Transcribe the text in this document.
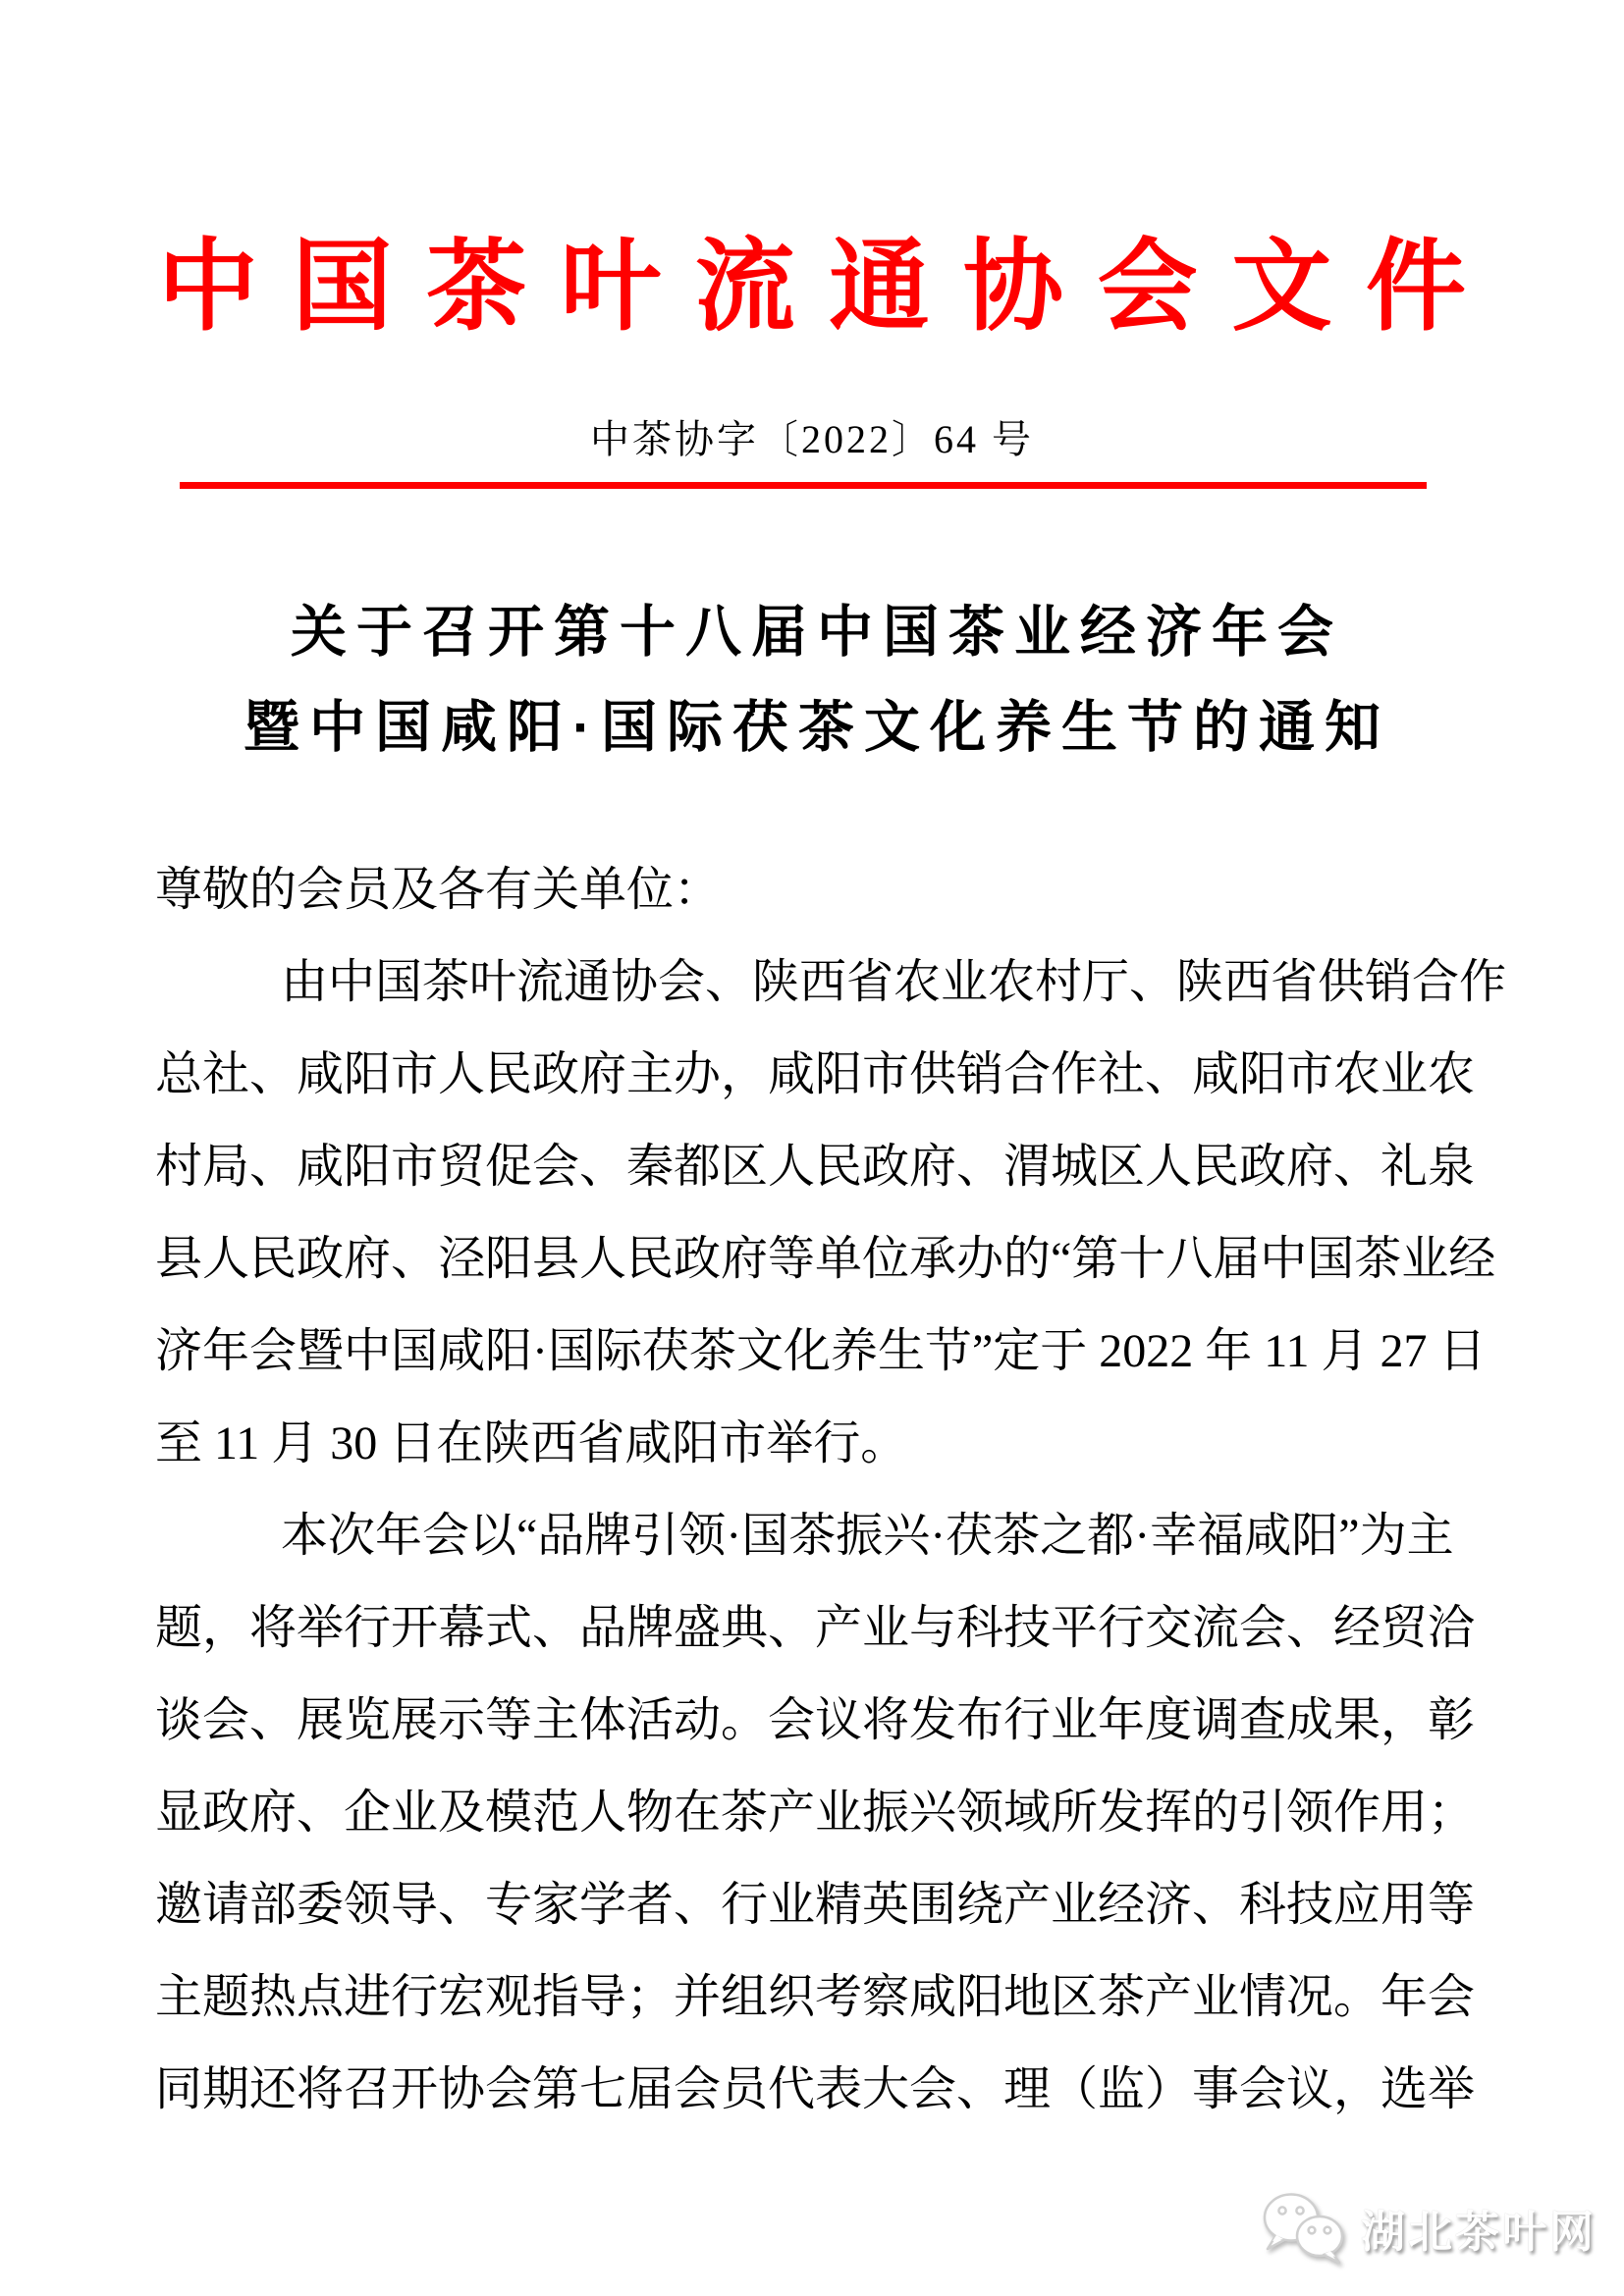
中国茶叶流通协会文件
中茶协字〔2022〕64 号
关于召开第十八届中国茶业经济年会
暨中国咸阳·国际茯茶文化养生节的通知
尊敬的会员及各有关单位：
由中国茶叶流通协会、陕西省农业农村厅、陕西省供销合作
总社、咸阳市人民政府主办，咸阳市供销合作社、咸阳市农业农
村局、咸阳市贸促会、秦都区人民政府、渭城区人民政府、礼泉
县人民政府、泾阳县人民政府等单位承办的“第十八届中国茶业经
济年会暨中国咸阳·国际茯茶文化养生节”定于 2022 年 11 月 27 日
至 11 月 30 日在陕西省咸阳市举行。
本次年会以“品牌引领·国茶振兴·茯茶之都·幸福咸阳”为主
题，将举行开幕式、品牌盛典、产业与科技平行交流会、经贸洽
谈会、展览展示等主体活动。会议将发布行业年度调查成果，彰
显政府、企业及模范人物在茶产业振兴领域所发挥的引领作用；
邀请部委领导、专家学者、行业精英围绕产业经济、科技应用等
主题热点进行宏观指导；并组织考察咸阳地区茶产业情况。年会
同期还将召开协会第七届会员代表大会、理（监）事会议，选举
湖北茶叶网
